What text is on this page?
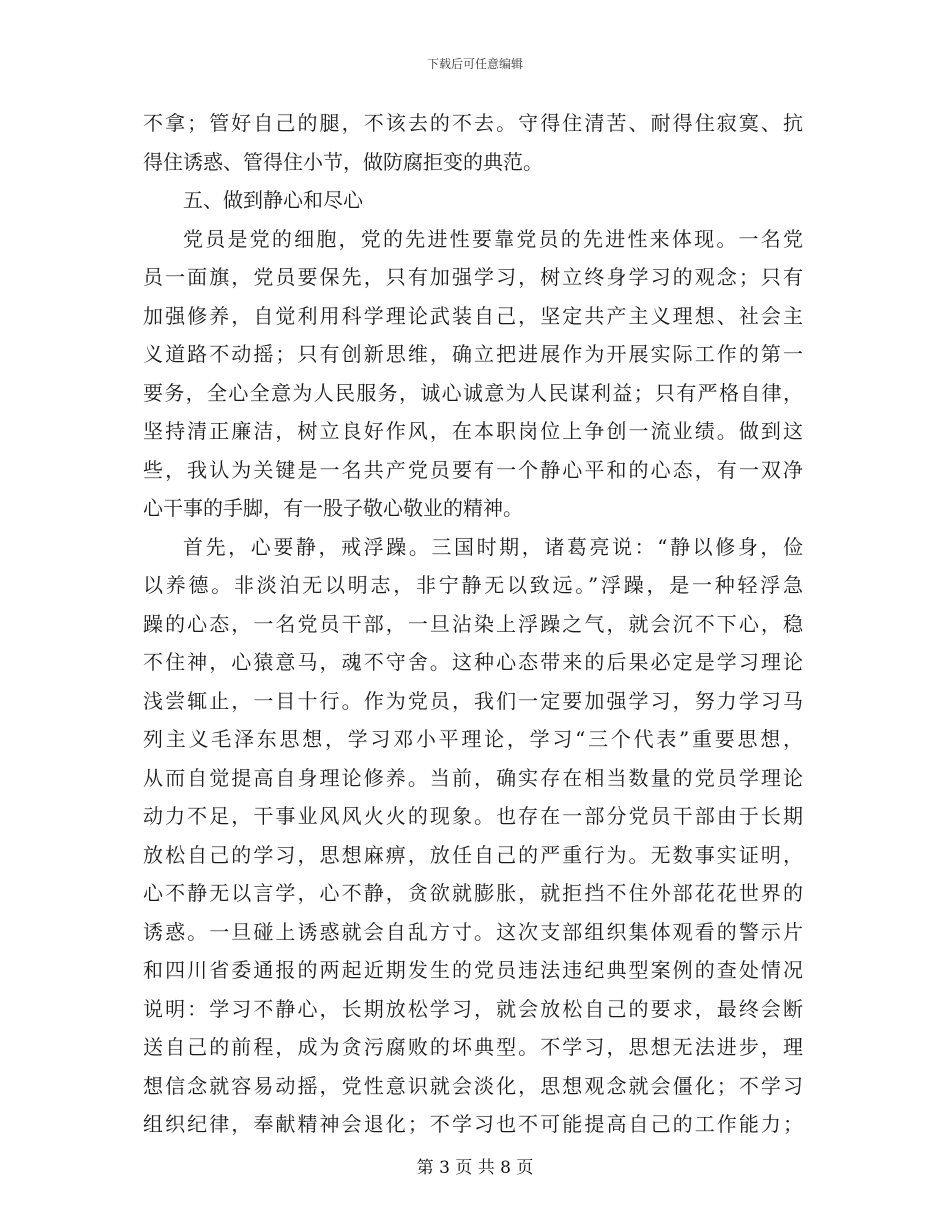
下载后可任意编辑
不拿；管好自己的腿，不该去的不去。守得住清苦、耐得住寂寞、抗
得住诱惑、管得住小节，做防腐拒变的典范。
五、做到静心和尽心
党员是党的细胞，党的先进性要靠党员的先进性来体现。一名党
员一面旗，党员要保先，只有加强学习，树立终身学习的观念；只有
加强修养，自觉利用科学理论武装自己，坚定共产主义理想、社会主
义道路不动摇；只有创新思维，确立把进展作为开展实际工作的第一
要务，全心全意为人民服务，诚心诚意为人民谋利益；只有严格自律，
坚持清正廉洁，树立良好作风，在本职岗位上争创一流业绩。做到这
些，我认为关键是一名共产党员要有一个静心平和的心态，有一双净
心干事的手脚，有一股子敬心敬业的精神。
首先，心要静，戒浮躁。三国时期，诸葛亮说：“静以修身，俭
以养德。非淡泊无以明志，非宁静无以致远。”浮躁，是一种轻浮急
躁的心态，一名党员干部，一旦沾染上浮躁之气，就会沉不下心，稳
不住神，心猿意马，魂不守舍。这种心态带来的后果必定是学习理论
浅尝辄止，一目十行。作为党员，我们一定要加强学习，努力学习马
列主义毛泽东思想，学习邓小平理论，学习“三个代表”重要思想，
从而自觉提高自身理论修养。当前，确实存在相当数量的党员学理论
动力不足，干事业风风火火的现象。也存在一部分党员干部由于长期
放松自己的学习，思想麻痹，放任自己的严重行为。无数事实证明，
心不静无以言学，心不静，贪欲就膨胀，就拒挡不住外部花花世界的
诱惑。一旦碰上诱惑就会自乱方寸。这次支部组织集体观看的警示片
和四川省委通报的两起近期发生的党员违法违纪典型案例的查处情况
说明：学习不静心，长期放松学习，就会放松自己的要求，最终会断
送自己的前程，成为贪污腐败的坏典型。不学习，思想无法进步，理
想信念就容易动摇，党性意识就会淡化，思想观念就会僵化；不学习
组织纪律，奉献精神会退化；不学习也不可能提高自己的工作能力；
第 3 页 共 8 页
